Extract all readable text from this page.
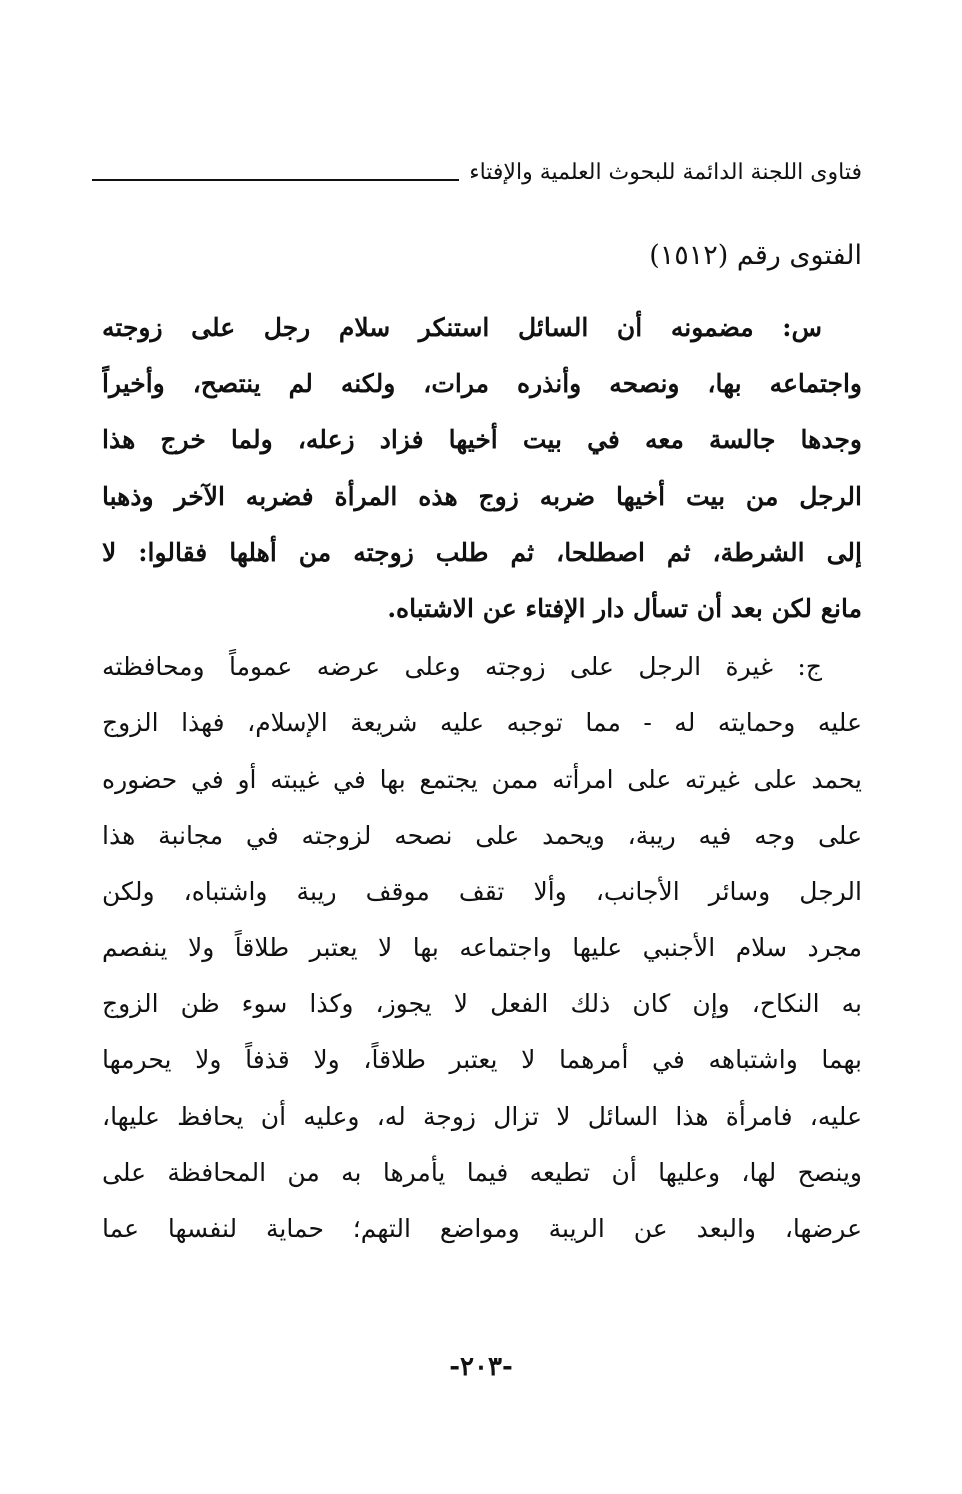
فتاوى اللجنة الدائمة للبحوث العلمية والإفتاء
الفتوى رقم (١٥١٢)
س: مضمونه أن السائل استنكر سلام رجل على زوجته
واجتماعه بها، ونصحه وأنذره مرات، ولكنه لم ينتصح، وأخيراً
وجدها جالسة معه في بيت أخيها فزاد زعله، ولما خرج هذا
الرجل من بيت أخيها ضربه زوج هذه المرأة فضربه الآخر وذهبا
إلى الشرطة، ثم اصطلحا، ثم طلب زوجته من أهلها فقالوا: لا
مانع لكن بعد أن تسأل دار الإفتاء عن الاشتباه.
ج: غيرة الرجل على زوجته وعلى عرضه عموماً ومحافظته
عليه وحمايته له - مما توجبه عليه شريعة الإسلام، فهذا الزوج
يحمد على غيرته على امرأته ممن يجتمع بها في غيبته أو في حضوره
على وجه فيه ريبة، ويحمد على نصحه لزوجته في مجانبة هذا
الرجل وسائر الأجانب، وألا تقف موقف ريبة واشتباه، ولكن
مجرد سلام الأجنبي عليها واجتماعه بها لا يعتبر طلاقاً ولا ينفصم
به النكاح، وإن كان ذلك الفعل لا يجوز، وكذا سوء ظن الزوج
بهما واشتباهه في أمرهما لا يعتبر طلاقاً، ولا قذفاً ولا يحرمها
عليه، فامرأة هذا السائل لا تزال زوجة له، وعليه أن يحافظ عليها،
وينصح لها، وعليها أن تطيعه فيما يأمرها به من المحافظة على
عرضها، والبعد عن الريبة ومواضع التهم؛ حماية لنفسها عما
-٢٠٣-
